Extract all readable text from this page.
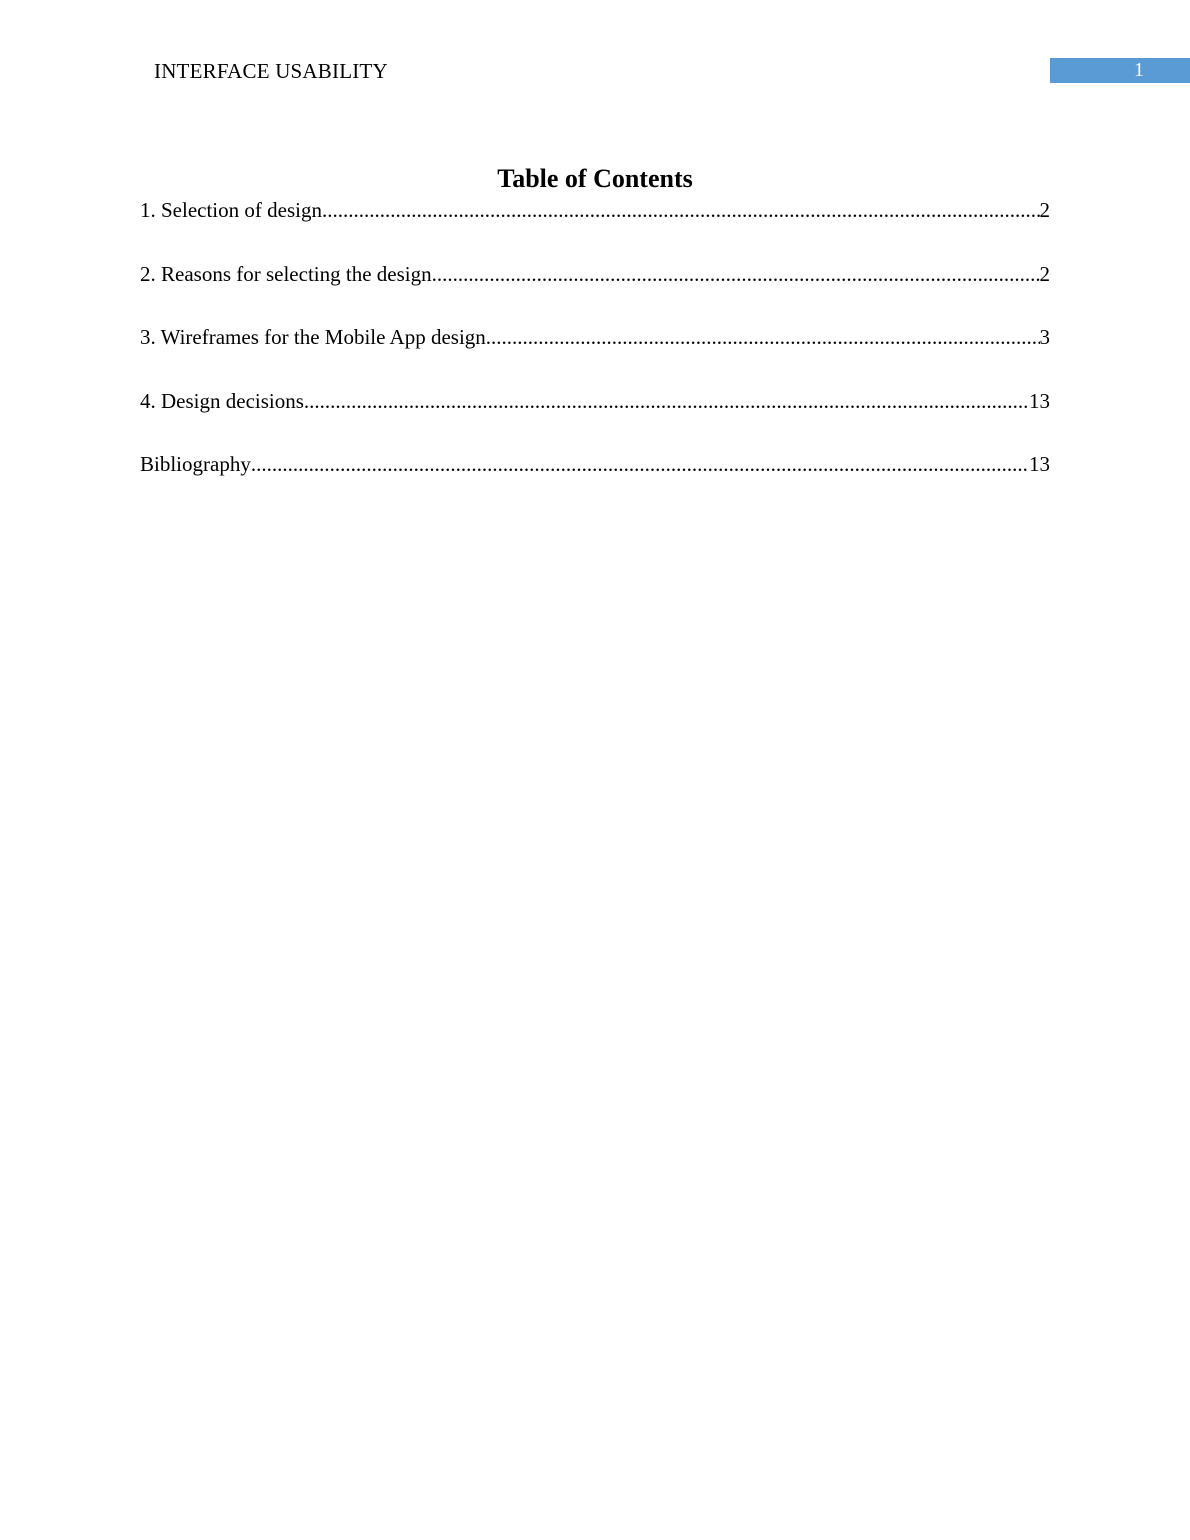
INTERFACE USABILITY	1
Table of Contents
1. Selection of design .....	2
2. Reasons for selecting the design .....	2
3. Wireframes for the Mobile App design .....	3
4. Design decisions .....	13
Bibliography .....	13
